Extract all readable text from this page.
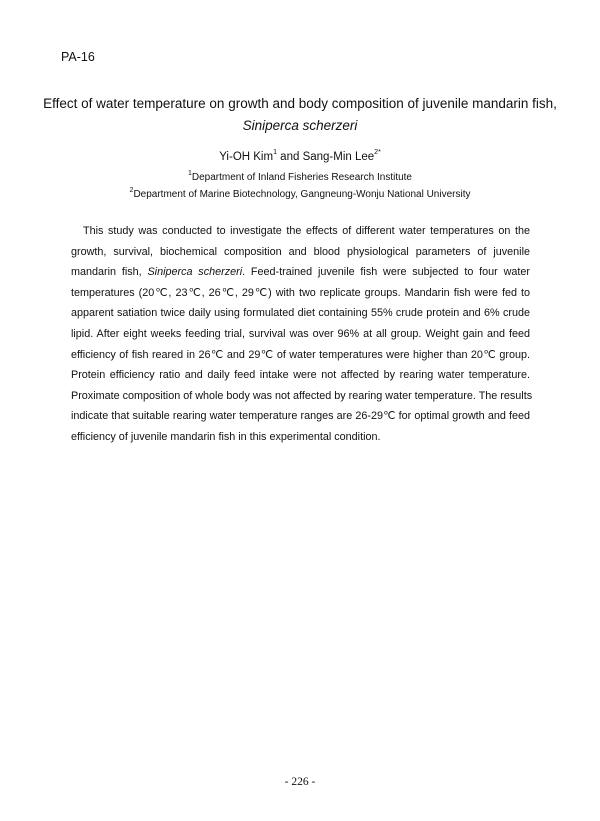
PA-16
Effect of water temperature on growth and body composition of juvenile mandarin fish,
Siniperca scherzeri
Yi-OH Kim$^1$ and Sang-Min Lee$^{2*}$
$^1$Department of Inland Fisheries Research Institute
$^2$Department of Marine Biotechnology, Gangneung-Wonju National University
This study was conducted to investigate the effects of different water temperatures on the
growth, survival, biochemical composition and blood physiological parameters of juvenile
mandarin fish, Siniperca scherzeri. Feed-trained juvenile fish were subjected to four water
temperatures (20℃, 23℃, 26℃, 29℃) with two replicate groups. Mandarin fish were fed to
apparent satiation twice daily using formulated diet containing 55% crude protein and 6% crude
lipid. After eight weeks feeding trial, survival was over 96% at all group. Weight gain and feed
efficiency of fish reared in 26℃ and 29℃ of water temperatures were higher than 20℃ group.
Protein efficiency ratio and daily feed intake were not affected by rearing water temperature.
Proximate composition of whole body was not affected by rearing water temperature. The results
indicate that suitable rearing water temperature ranges are 26-29℃ for optimal growth and feed
efficiency of juvenile mandarin fish in this experimental condition.
- 226 -
